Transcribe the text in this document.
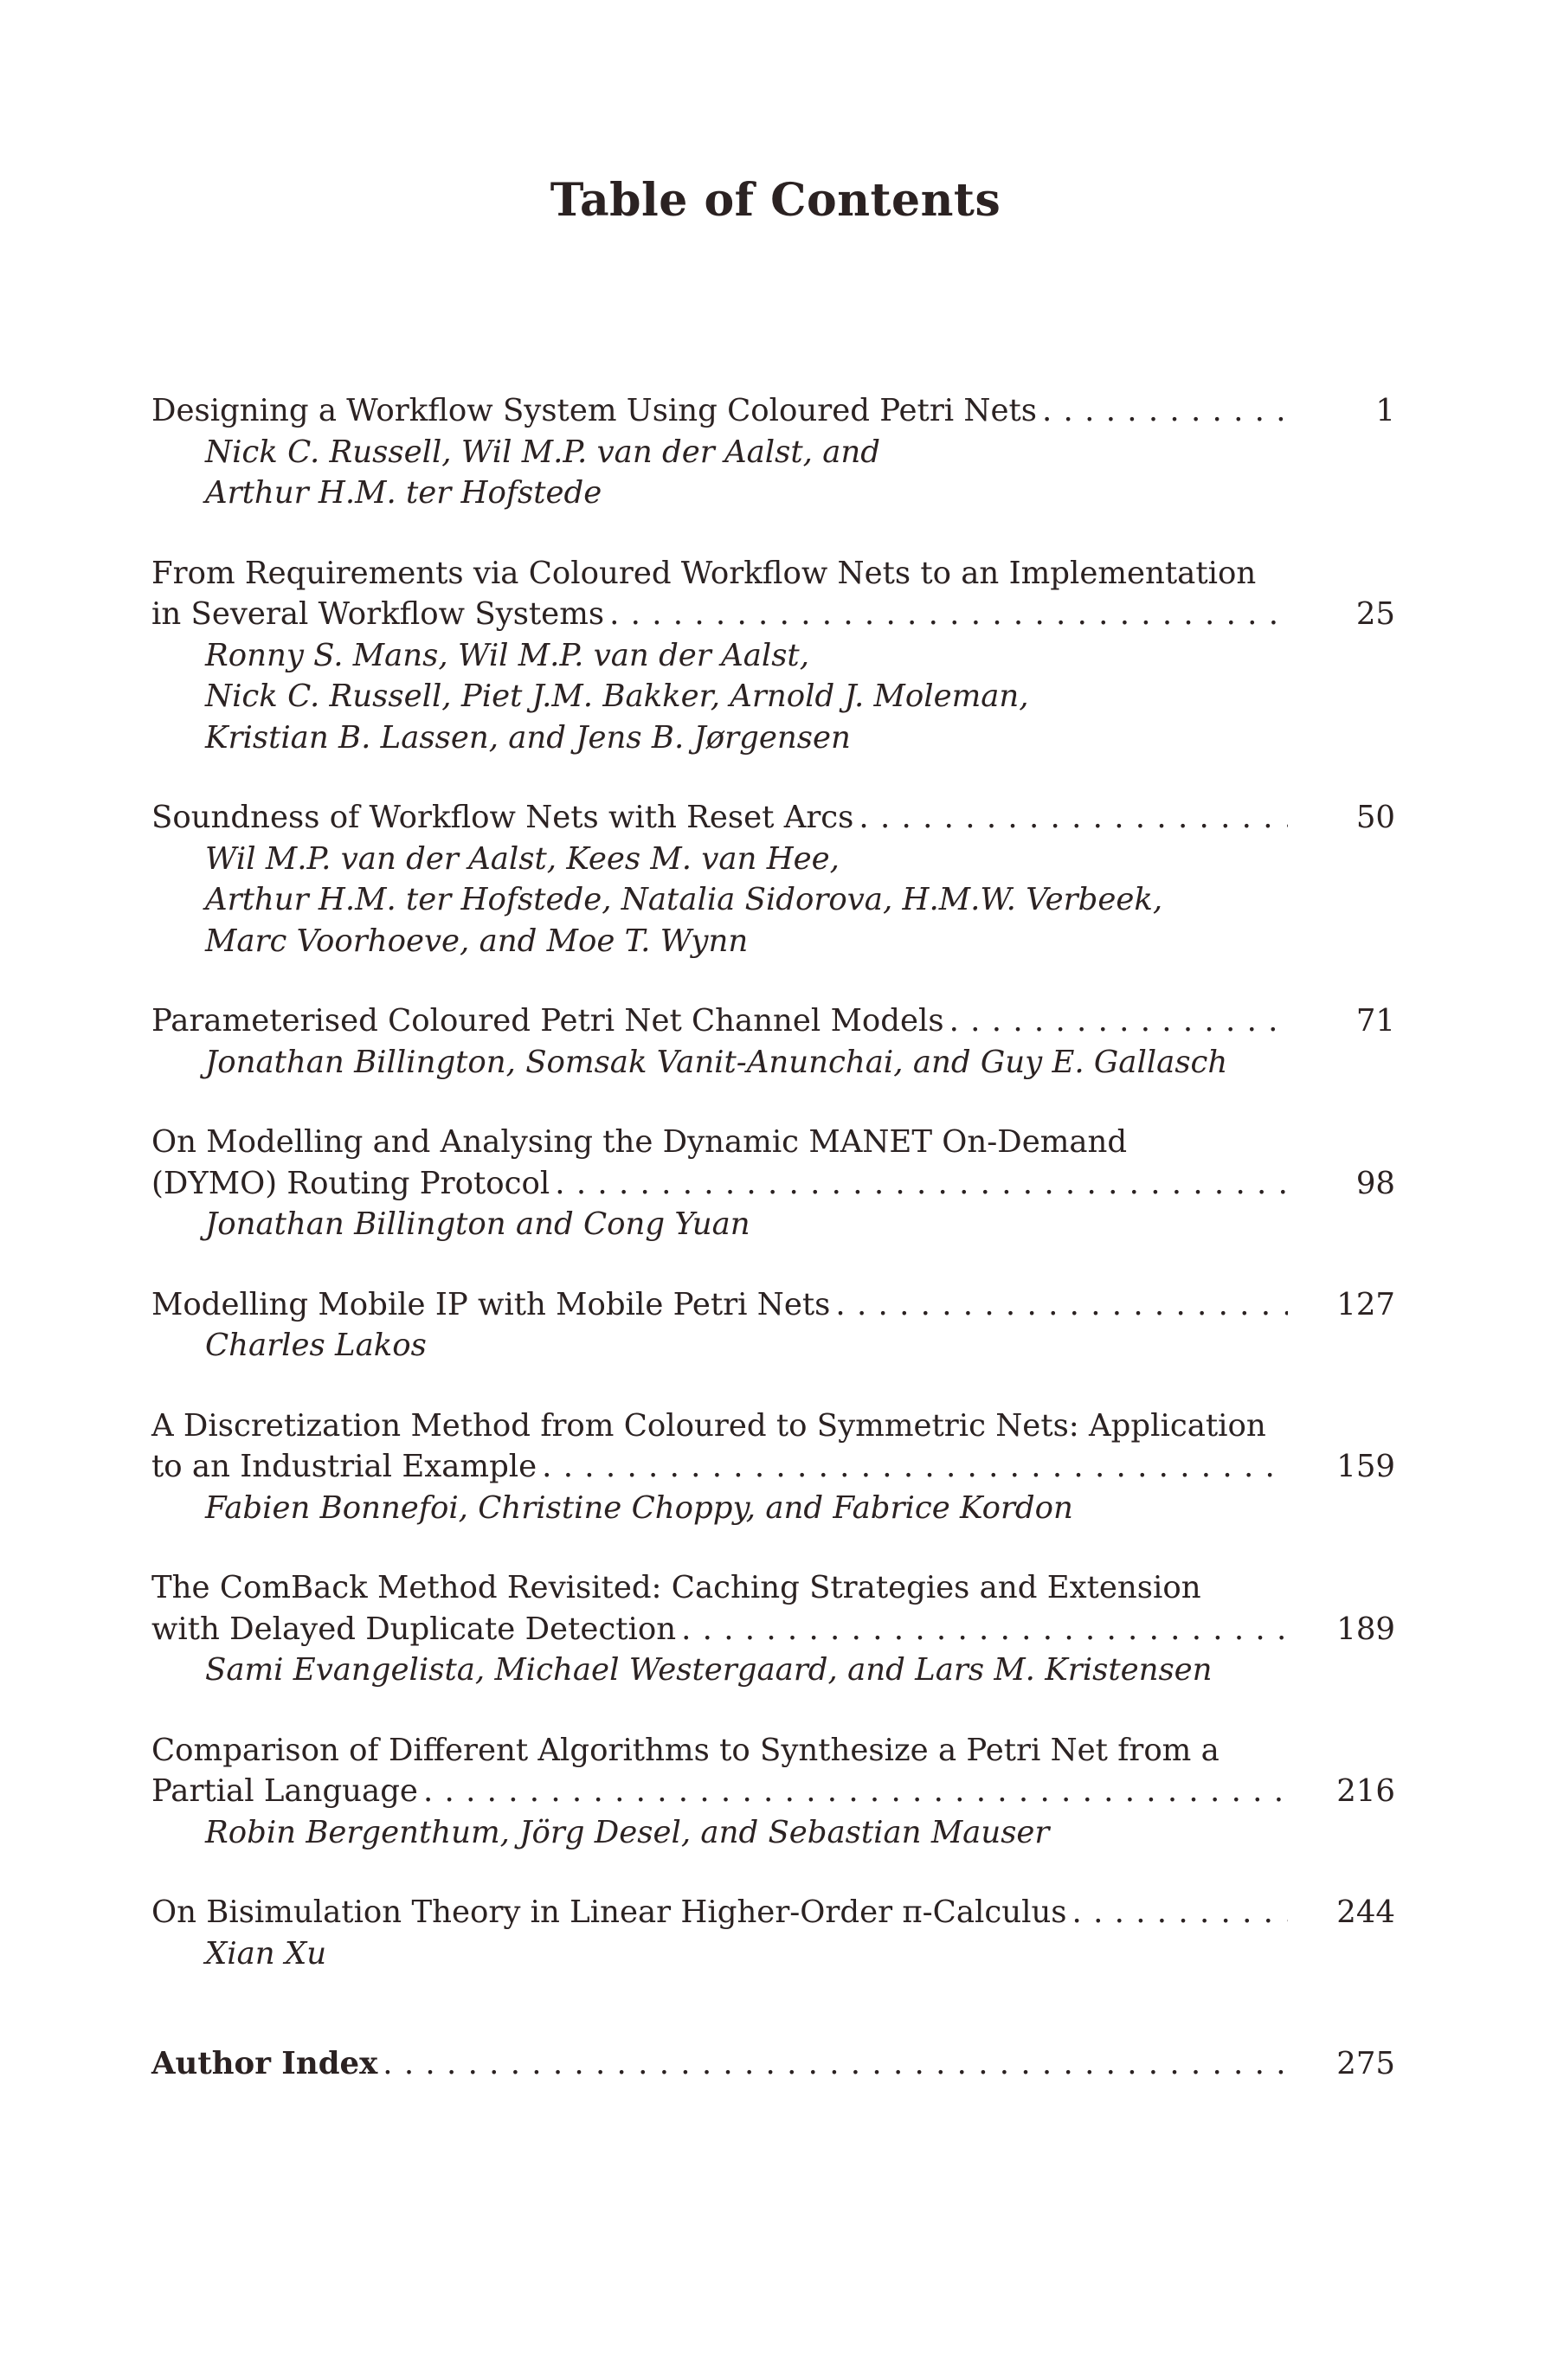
Table of Contents
Designing a Workflow System Using Coloured Petri Nets . . .	1
Nick C. Russell, Wil M.P. van der Aalst, and
Arthur H.M. ter Hofstede
From Requirements via Coloured Workflow Nets to an Implementation
in Several Workflow Systems . . .	25
Ronny S. Mans, Wil M.P. van der Aalst,
Nick C. Russell, Piet J.M. Bakker, Arnold J. Moleman,
Kristian B. Lassen, and Jens B. Jørgensen
Soundness of Workflow Nets with Reset Arcs . . .	50
Wil M.P. van der Aalst, Kees M. van Hee,
Arthur H.M. ter Hofstede, Natalia Sidorova, H.M.W. Verbeek,
Marc Voorhoeve, and Moe T. Wynn
Parameterised Coloured Petri Net Channel Models . . .	71
Jonathan Billington, Somsak Vanit-Anunchai, and Guy E. Gallasch
On Modelling and Analysing the Dynamic MANET On-Demand
(DYMO) Routing Protocol . . .	98
Jonathan Billington and Cong Yuan
Modelling Mobile IP with Mobile Petri Nets . . .	127
Charles Lakos
A Discretization Method from Coloured to Symmetric Nets: Application
to an Industrial Example . . .	159
Fabien Bonnefoi, Christine Choppy, and Fabrice Kordon
The ComBack Method Revisited: Caching Strategies and Extension
with Delayed Duplicate Detection . . .	189
Sami Evangelista, Michael Westergaard, and Lars M. Kristensen
Comparison of Different Algorithms to Synthesize a Petri Net from a
Partial Language . . .	216
Robin Bergenthum, Jörg Desel, and Sebastian Mauser
On Bisimulation Theory in Linear Higher-Order π-Calculus . . .	244
Xian Xu
Author Index . . .	275
